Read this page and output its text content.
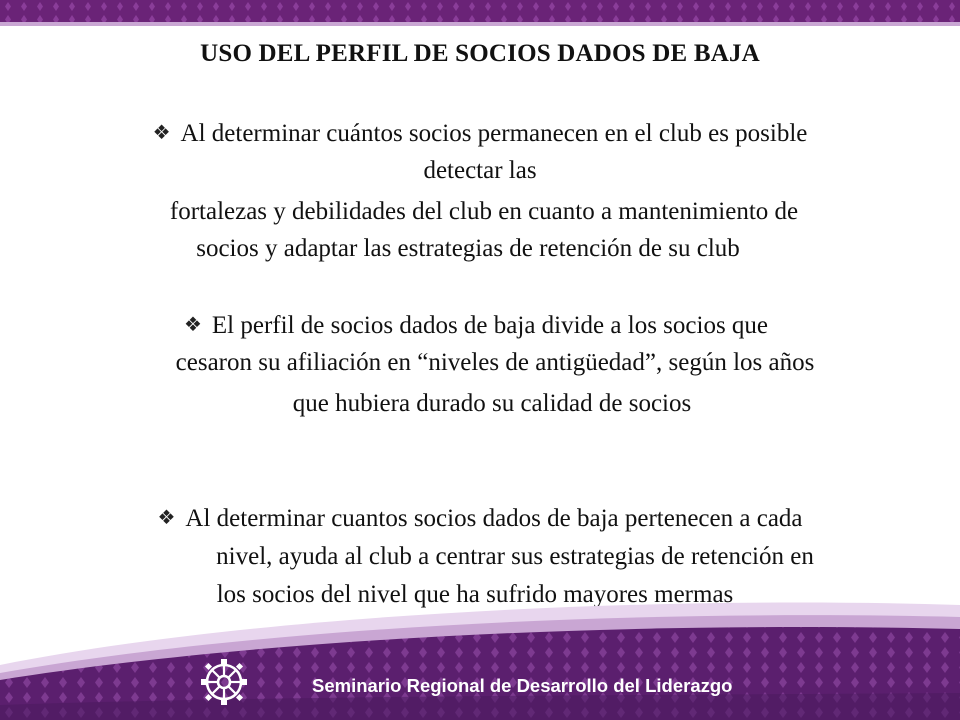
USO DEL PERFIL DE SOCIOS DADOS DE BAJA
❖ Al determinar cuántos socios permanecen en el club es posible
detectar las
fortalezas y debilidades del club en cuanto a mantenimiento de
socios y adaptar las estrategias de retención de su club
❖ El perfil de socios dados de baja divide a los socios que
cesaron su afiliación en “niveles de antigüedad”, según los años
que hubiera durado su calidad de socios
❖ Al determinar cuantos socios dados de baja pertenecen a cada
nivel, ayuda al club a centrar sus estrategias de retención en
los socios del nivel que ha sufrido mayores mermas
Seminario Regional de Desarrollo del Liderazgo
